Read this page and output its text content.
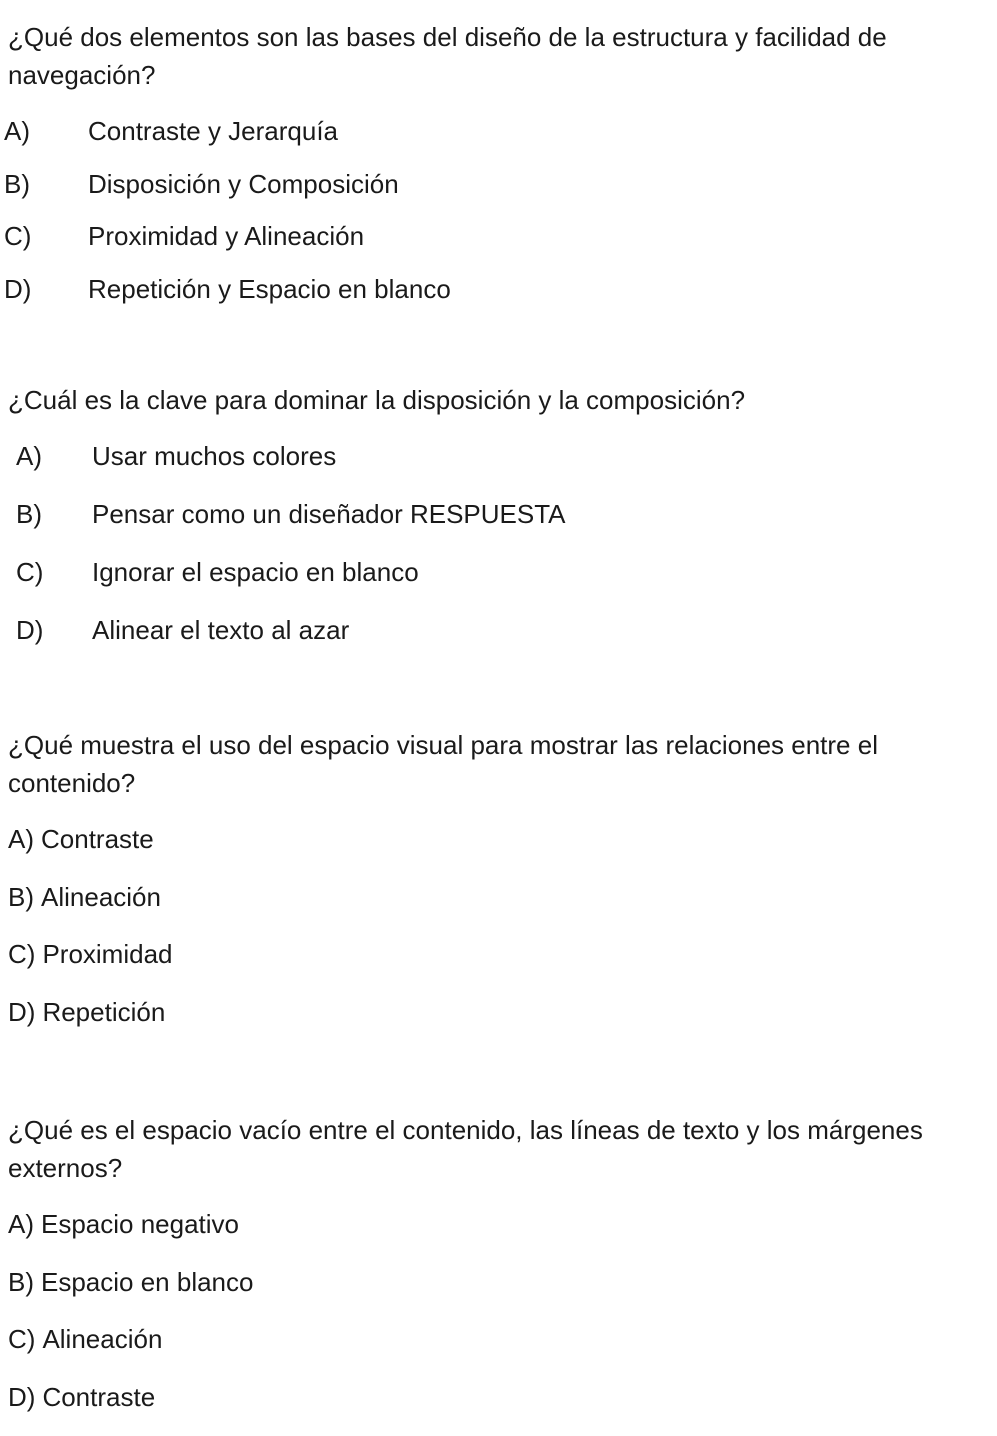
¿Qué dos elementos son las bases del diseño de la estructura y facilidad de navegación?

A)	Contraste y Jerarquía
B)	Disposición y Composición
C)	Proximidad y Alineación
D)	Repetición y Espacio en blanco

¿Cuál es la clave para dominar la disposición y la composición?

A)	Usar muchos colores
B)	Pensar como un diseñador RESPUESTA
C)	Ignorar el espacio en blanco
D)	Alinear el texto al azar

¿Qué muestra el uso del espacio visual para mostrar las relaciones entre el contenido?

A) Contraste
B) Alineación
C) Proximidad
D) Repetición

¿Qué es el espacio vacío entre el contenido, las líneas de texto y los márgenes externos?

A) Espacio negativo
B) Espacio en blanco
C) Alineación
D) Contraste
